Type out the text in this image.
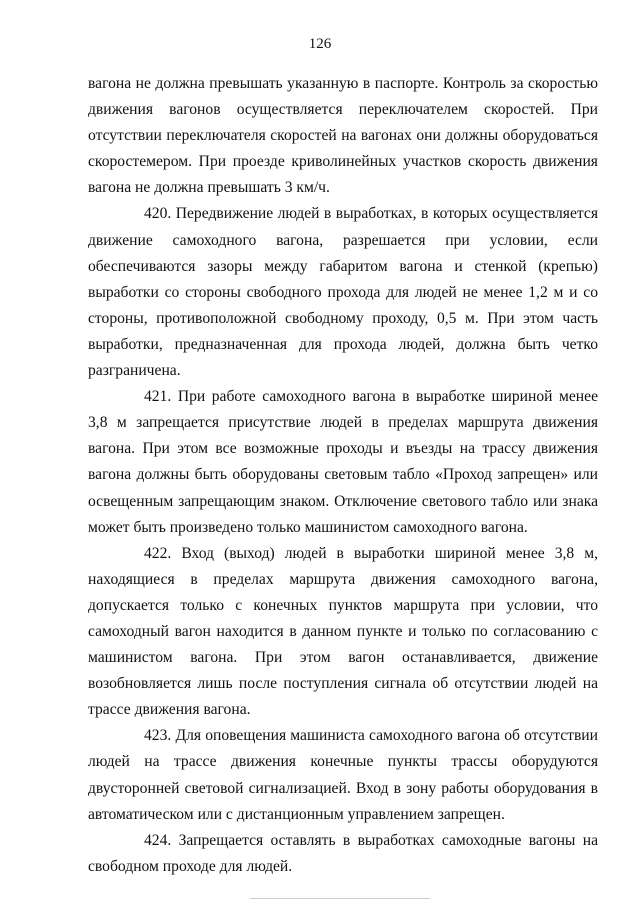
126

вагона не должна превышать указанную в паспорте. Контроль за скоростью движения вагонов осуществляется переключателем скоростей. При отсутствии переключателя скоростей на вагонах они должны оборудоваться скоростемером. При проезде криволинейных участков скорость движения вагона не должна превышать 3 км/ч.

420. Передвижение людей в выработках, в которых осуществляется движение самоходного вагона, разрешается при условии, если обеспечиваются зазоры между габаритом вагона и стенкой (крепью) выработки со стороны свободного прохода для людей не менее 1,2 м и со стороны, противоположной свободному проходу, 0,5 м. При этом часть выработки, предназначенная для прохода людей, должна быть четко разграничена.

421. При работе самоходного вагона в выработке шириной менее 3,8 м запрещается присутствие людей в пределах маршрута движения вагона. При этом все возможные проходы и въезды на трассу движения вагона должны быть оборудованы световым табло «Проход запрещен» или освещенным запрещающим знаком. Отключение светового табло или знака может быть произведено только машинистом самоходного вагона.

422. Вход (выход) людей в выработки шириной менее 3,8 м, находящиеся в пределах маршрута движения самоходного вагона, допускается только с конечных пунктов маршрута при условии, что самоходный вагон находится в данном пункте и только по согласованию с машинистом вагона. При этом вагон останавливается, движение возобновляется лишь после поступления сигнала об отсутствии людей на трассе движения вагона.

423. Для оповещения машиниста самоходного вагона об отсутствии людей на трассе движения конечные пункты трассы оборудуются двусторонней световой сигнализацией. Вход в зону работы оборудования в автоматическом или с дистанционным управлением запрещен.

424. Запрещается оставлять в выработках самоходные вагоны на свободном проходе для людей.
